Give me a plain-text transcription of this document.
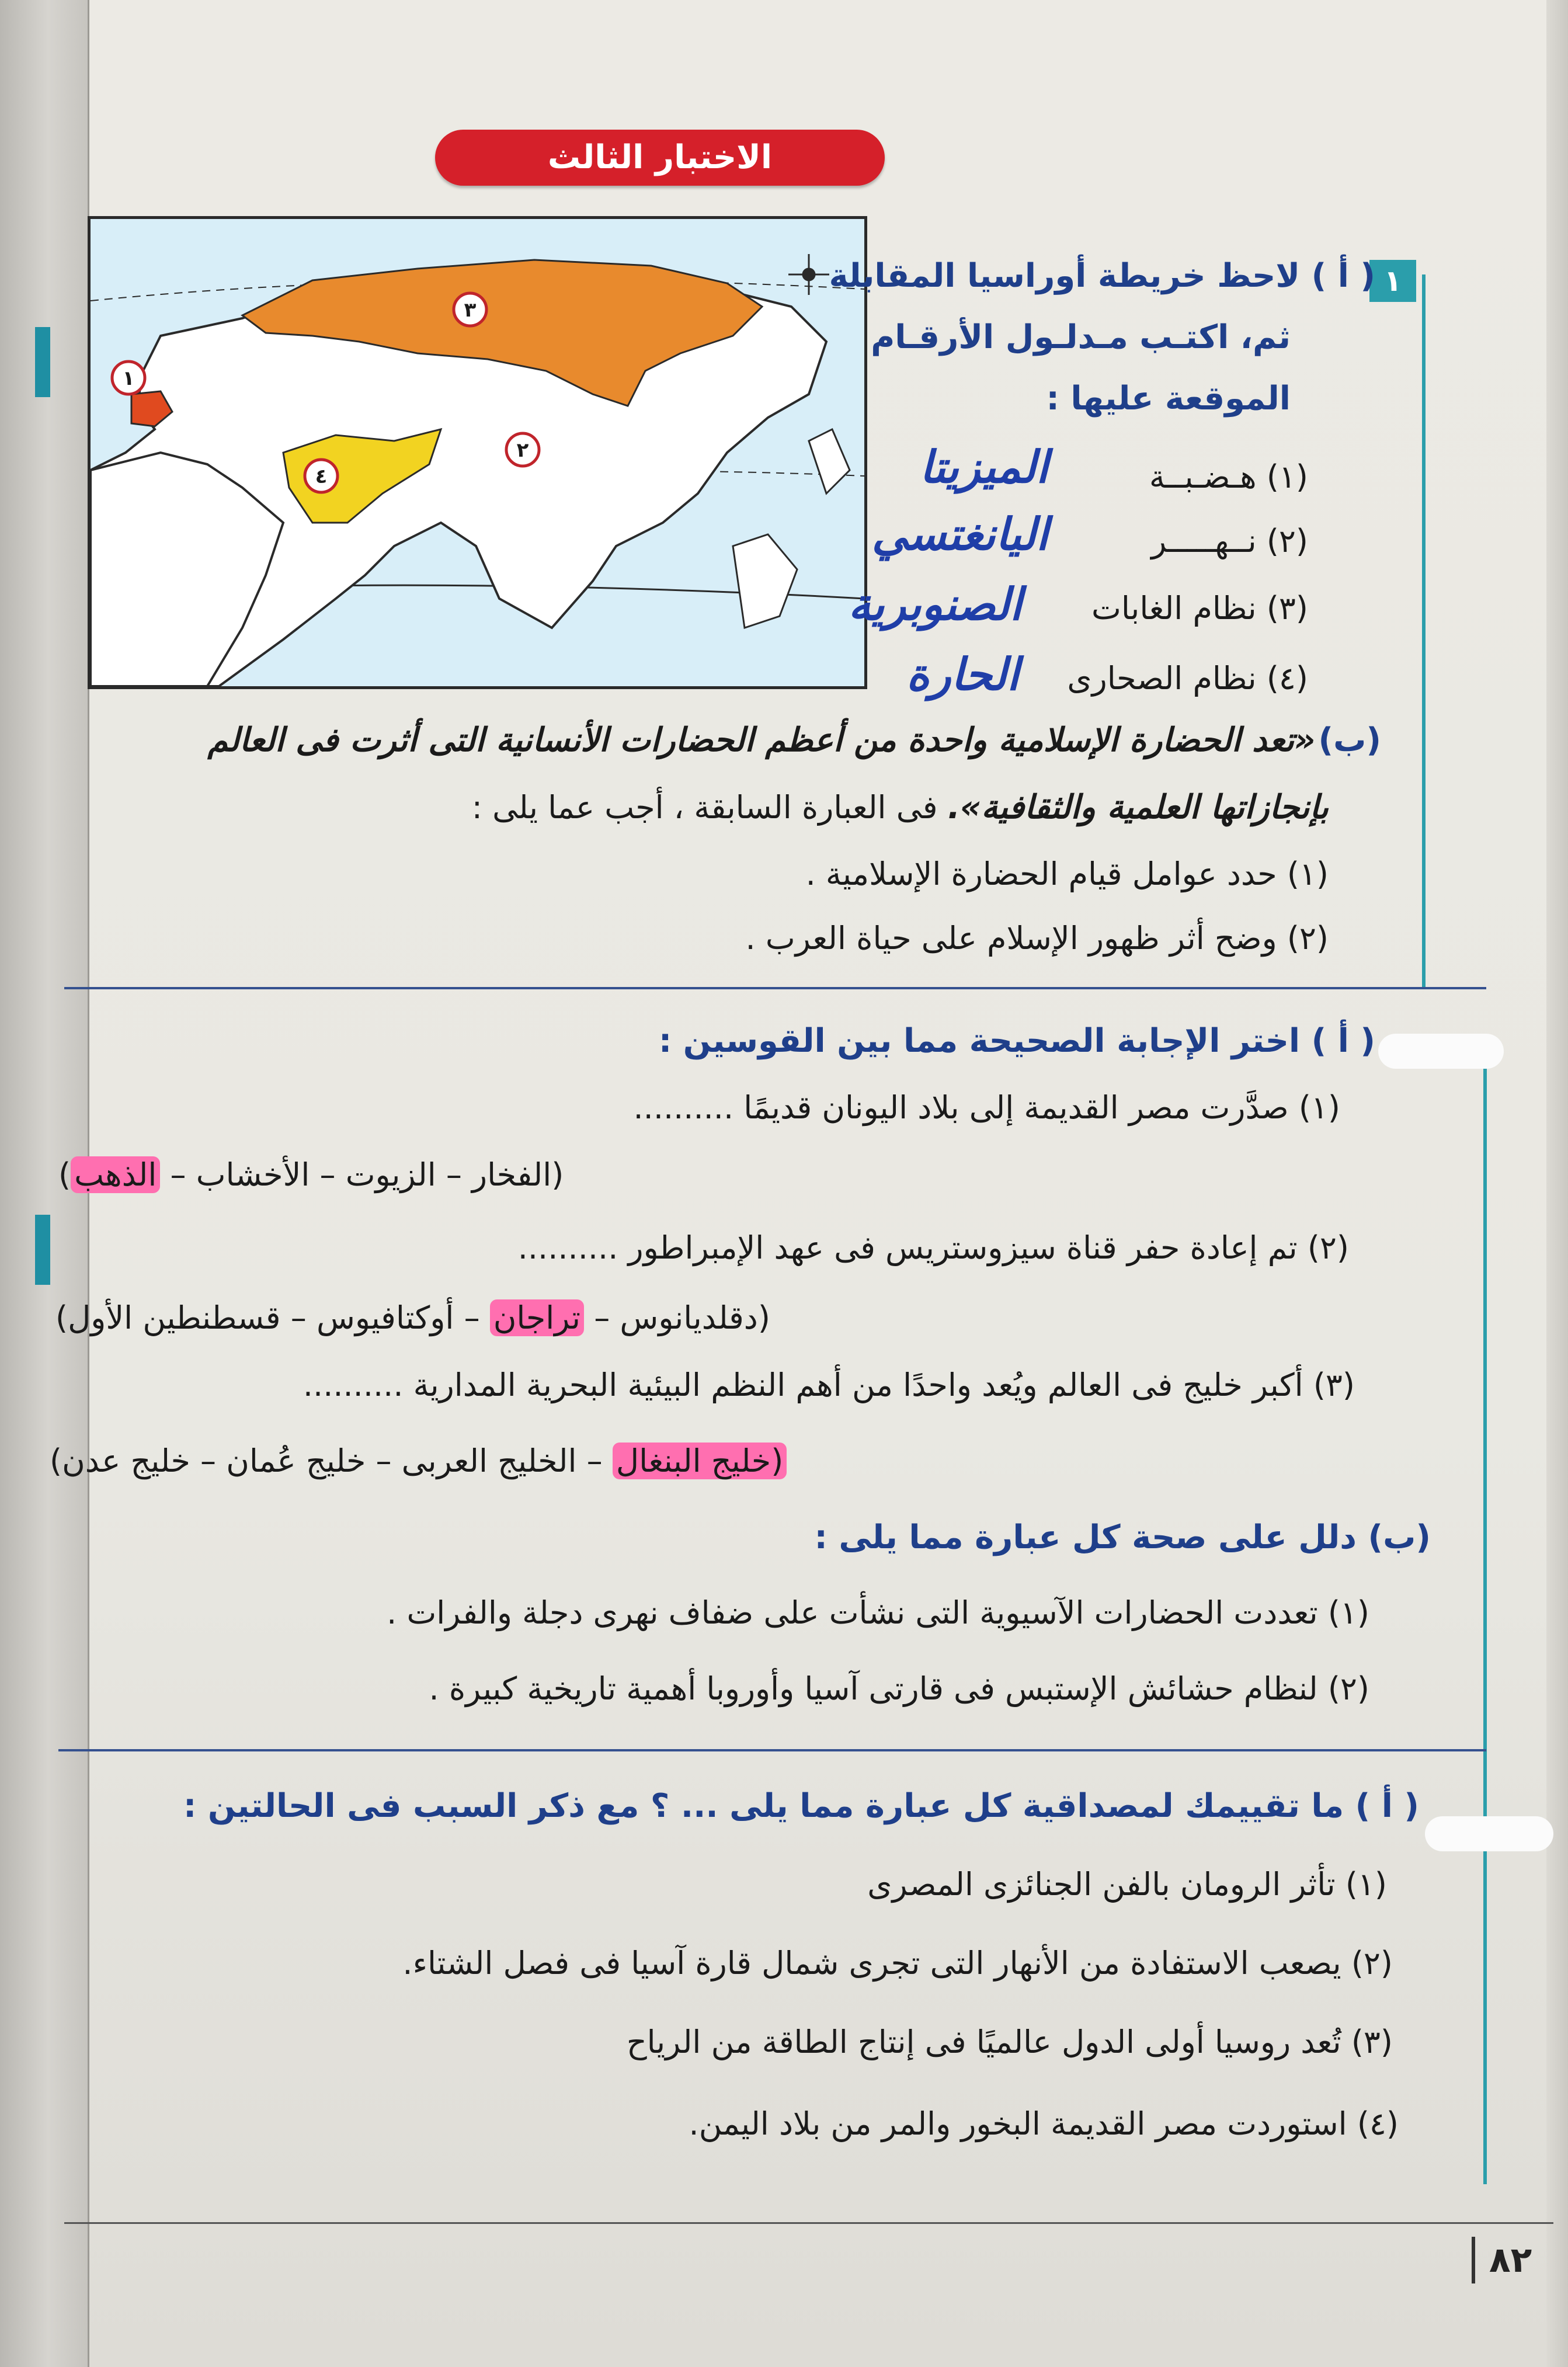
الاختبار الثالث
١
١
٢
٣
٤
( أ ) لاحظ خريطة أوراسيا المقابلة
ثم، اكتـب مـدلـول الأرقـام
الموقعة عليها :
(١) هـضـبــة
الميزيتا
(٢) نــهـــــر
اليانغتسي
(٣) نظام الغابات
الصنوبرية
(٤) نظام الصحارى
الحارة
(ب) «تعد الحضارة الإسلامية واحدة من أعظم الحضارات الأنسانية التى أثرت فى العالم
بإنجازاتها العلمية والثقافية». فى العبارة السابقة ، أجب عما يلى :
(١) حدد عوامل قيام الحضارة الإسلامية .
(٢) وضح أثر ظهور الإسلام على حياة العرب .
( أ ) اختر الإجابة الصحيحة مما بين القوسين :
(١) صدَّرت مصر القديمة إلى بلاد اليونان قديمًا ..........
(الفخار – الزيوت – الأخشاب – الذهب)
(٢) تم إعادة حفر قناة سيزوستريس فى عهد الإمبراطور ..........
(دقلديانوس – تراجان – أوكتافيوس – قسطنطين الأول)
(٣) أكبر خليج فى العالم ويُعد واحدًا من أهم النظم البيئية البحرية المدارية ..........
(خليج البنغال – الخليج العربى – خليج عُمان – خليج عدن)
(ب) دلل على صحة كل عبارة مما يلى :
(١) تعددت الحضارات الآسيوية التى نشأت على ضفاف نهرى دجلة والفرات .
(٢) لنظام حشائش الإستبس فى قارتى آسيا وأوروبا أهمية تاريخية كبيرة .
( أ ) ما تقييمك لمصداقية كل عبارة مما يلى ... ؟ مع ذكر السبب فى الحالتين :
(١) تأثر الرومان بالفن الجنائزى المصرى
(٢) يصعب الاستفادة من الأنهار التى تجرى شمال قارة آسيا فى فصل الشتاء.
(٣) تُعد روسيا أولى الدول عالميًا فى إنتاج الطاقة من الرياح
(٤) استوردت مصر القديمة البخور والمر من بلاد اليمن.
٨٢
